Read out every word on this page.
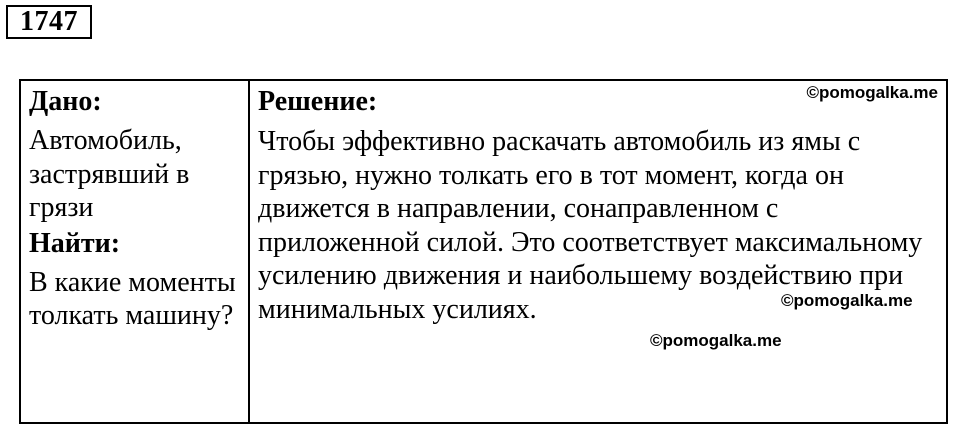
1747

Дано:

Автомобиль, застрявший в грязи

Найти:

В какие моменты толкать машину?

Решение:

Чтобы эффективно раскачать автомобиль из ямы с грязью, нужно толкать его в тот момент, когда он движется в направлении, сонаправленном с приложенной силой. Это соответствует максимальному усилению движения и наибольшему воздействию при минимальных усилиях.

©pomogalka.me
©pomogalka.me
©pomogalka.me
